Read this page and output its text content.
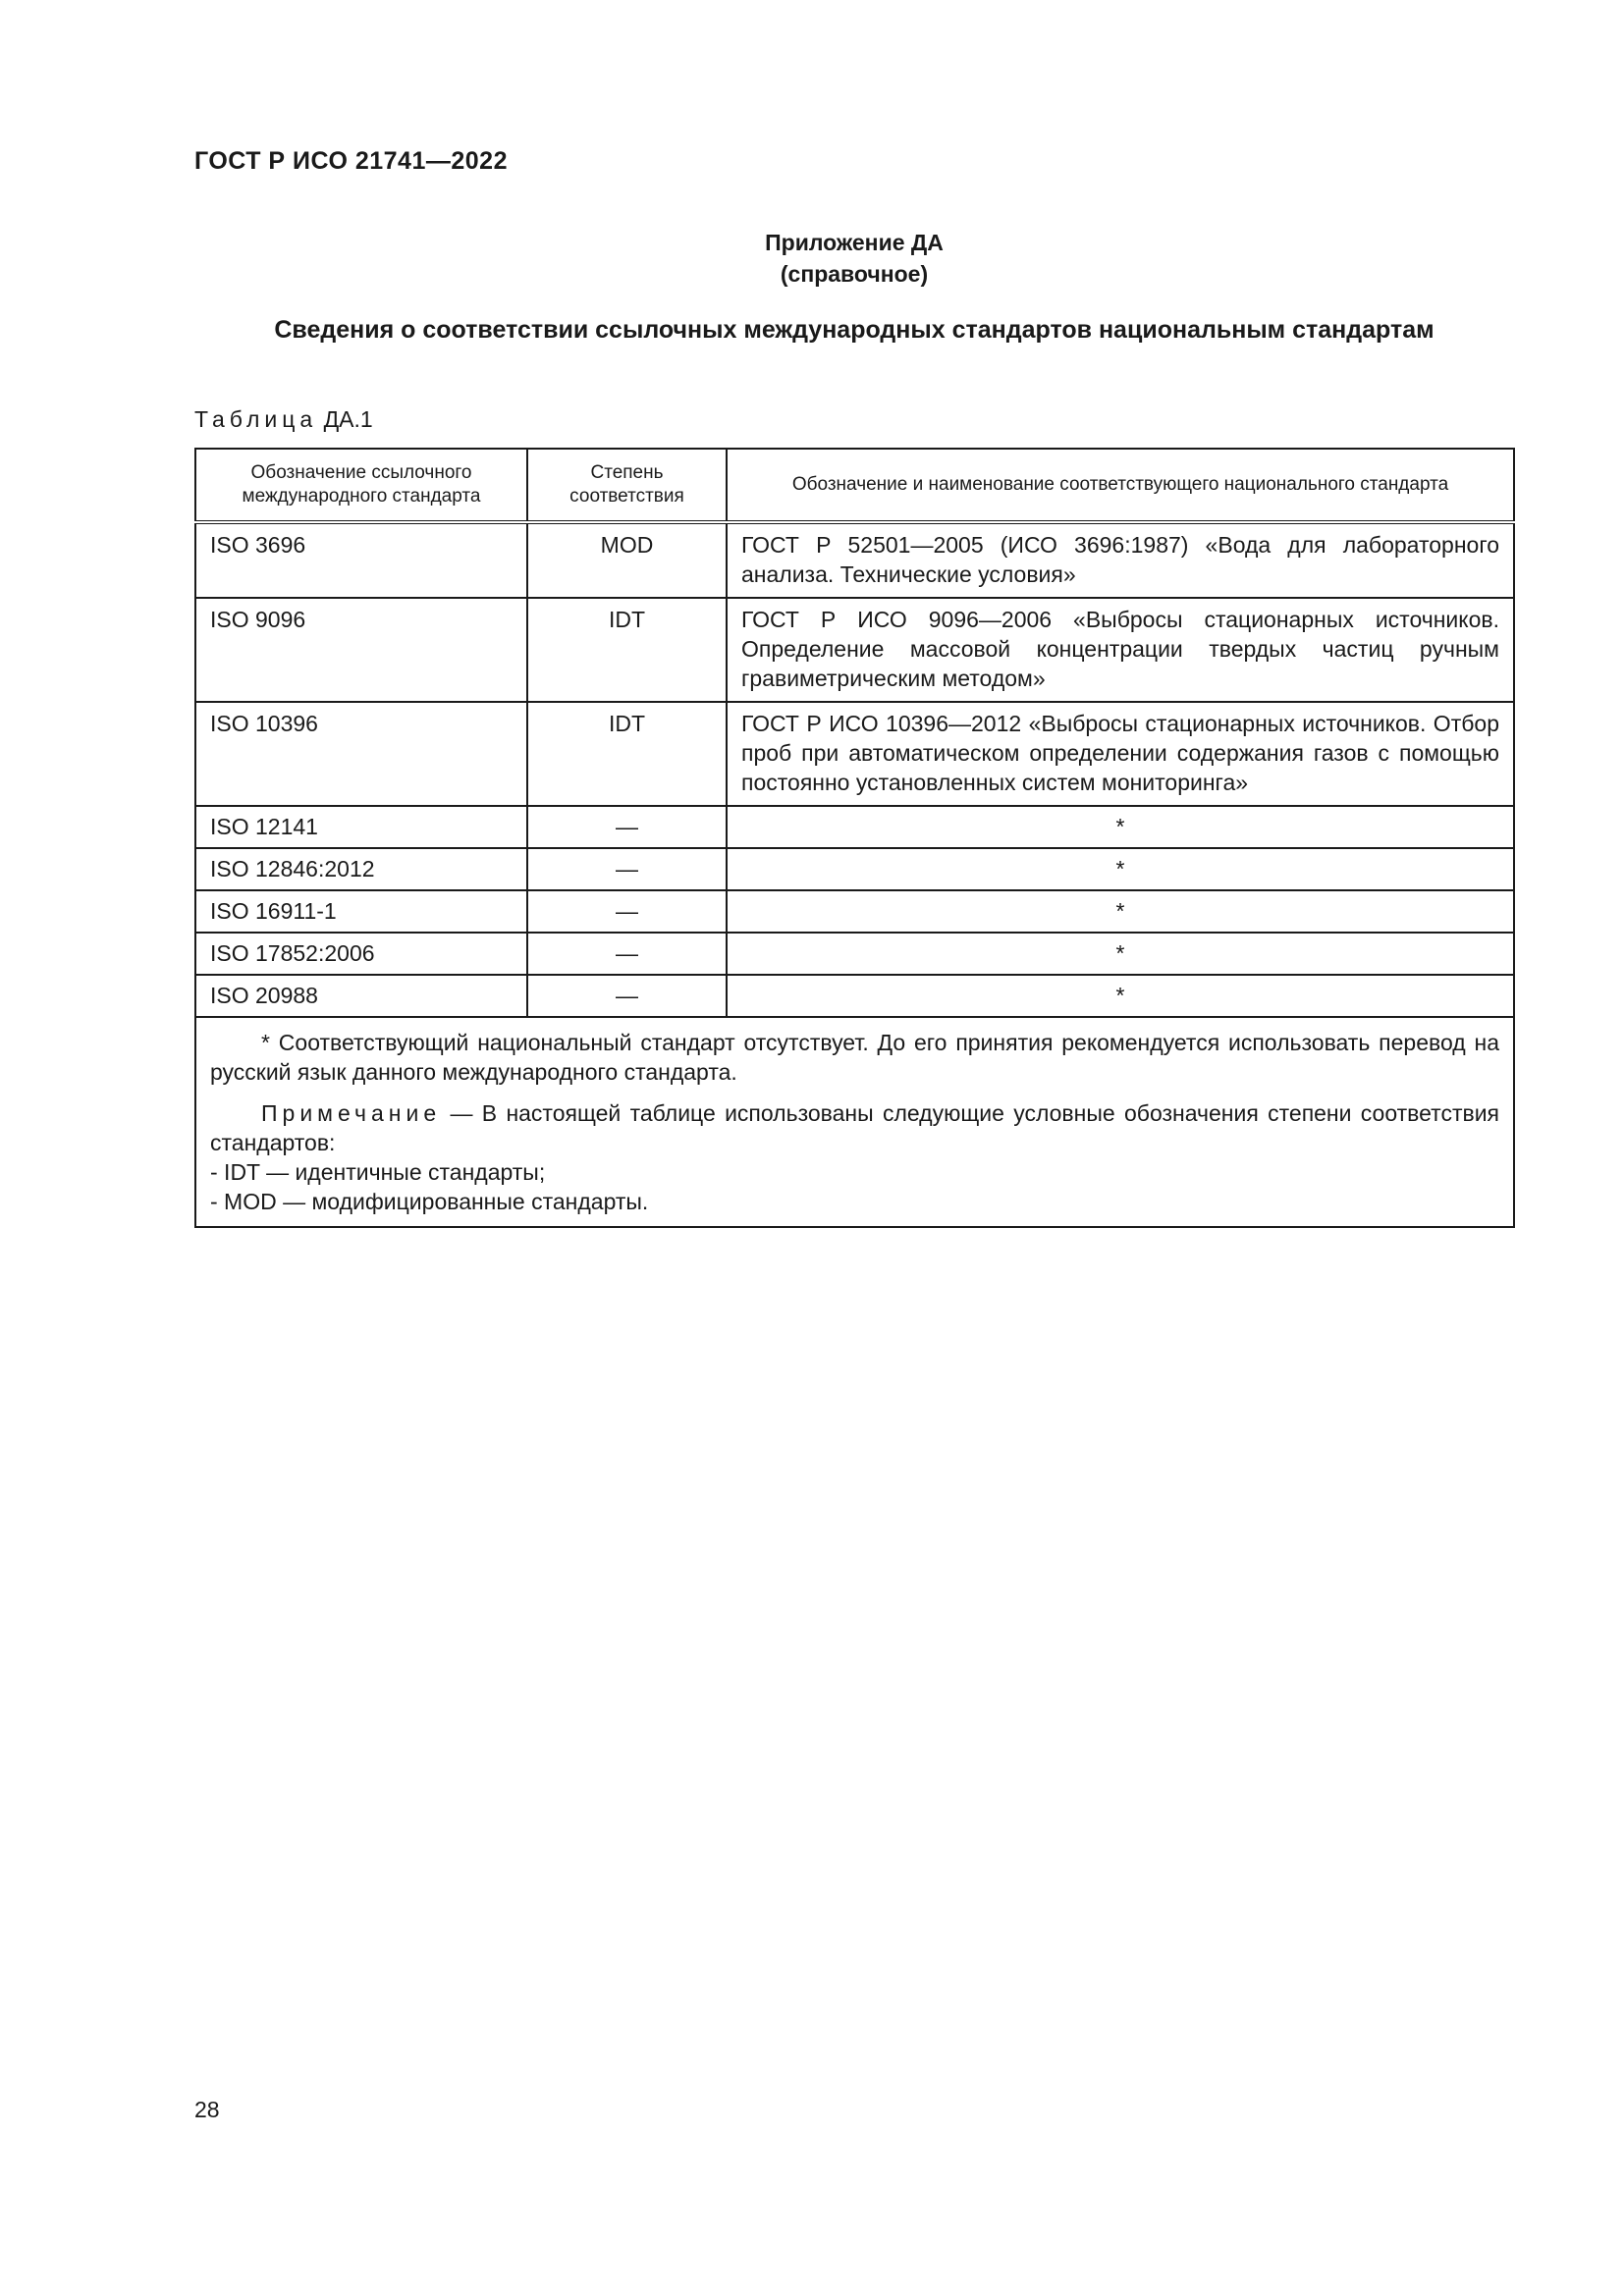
ГОСТ Р ИСО 21741—2022

Приложение ДА
(справочное)

Сведения о соответствии ссылочных международных стандартов национальным стандартам

Таблица ДА.1

Обозначение ссылочного международного стандарта	Степень соответствия	Обозначение и наименование соответствующего национального стандарта
ISO 3696	MOD	ГОСТ Р 52501—2005 (ИСО 3696:1987) «Вода для лабораторного анализа. Технические условия»
ISO 9096	IDT	ГОСТ Р ИСО 9096—2006 «Выбросы стационарных источников. Определение массовой концентрации твердых частиц ручным гравиметрическим методом»
ISO 10396	IDT	ГОСТ Р ИСО 10396—2012 «Выбросы стационарных источников. Отбор проб при автоматическом определении содержания газов с помощью постоянно установленных систем мониторинга»
ISO 12141	—	*
ISO 12846:2012	—	*
ISO 16911-1	—	*
ISO 17852:2006	—	*
ISO 20988	—	*

* Соответствующий национальный стандарт отсутствует. До его принятия рекомендуется использовать перевод на русский язык данного международного стандарта.

Примечание — В настоящей таблице использованы следующие условные обозначения степени соответствия стандартов:

- IDT — идентичные стандарты;

- MOD — модифицированные стандарты.		

28
